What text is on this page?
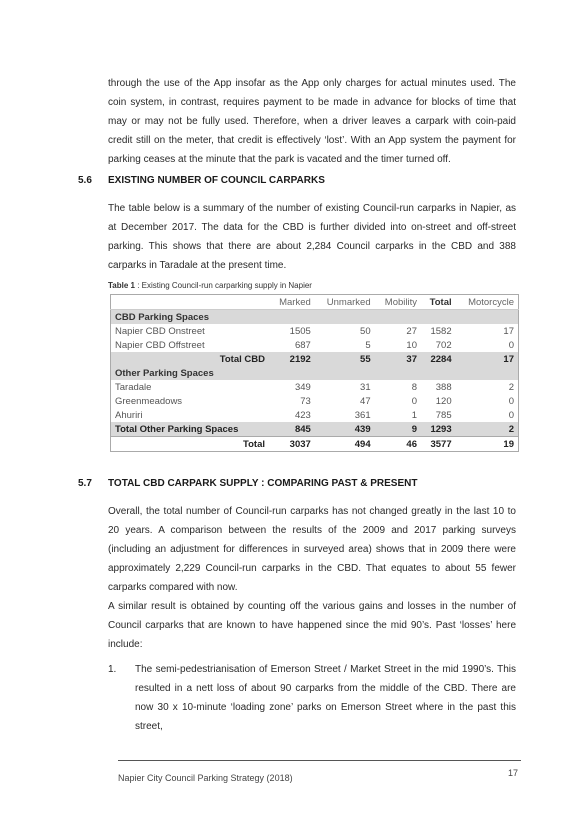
through the use of the App insofar as the App only charges for actual minutes used. The coin system, in contrast, requires payment to be made in advance for blocks of time that may or may not be fully used. Therefore, when a driver leaves a carpark with coin-paid credit still on the meter, that credit is effectively ‘lost’. With an App system the payment for parking ceases at the minute that the park is vacated and the timer turned off.

5.6 EXISTING NUMBER OF COUNCIL CARPARKS

The table below is a summary of the number of existing Council-run carparks in Napier, as at December 2017. The data for the CBD is further divided into on-street and off-street parking. This shows that there are about 2,284 Council carparks in the CBD and 388 carparks in Taradale at the present time.

Table 1 : Existing Council-run carparking supply in Napier
	Marked	Unmarked	Mobility	Total	Motorcycle
CBD Parking Spaces					
Napier CBD Onstreet	1505	50	27	1582	17
Napier CBD Offstreet	687	5	10	702	0
Total CBD	2192	55	37	2284	17
Other Parking Spaces					
Taradale	349	31	8	388	2
Greenmeadows	73	47	0	120	0
Ahuriri	423	361	1	785	0
Total Other Parking Spaces	845	439	9	1293	2
Total	3037	494	46	3577	19
5.7 TOTAL CBD CARPARK SUPPLY : COMPARING PAST & PRESENT

Overall, the total number of Council-run carparks has not changed greatly in the last 10 to 20 years. A comparison between the results of the 2009 and 2017 parking surveys (including an adjustment for differences in surveyed area) shows that in 2009 there were approximately 2,229 Council-run carparks in the CBD. That equates to about 55 fewer carparks compared with now.

A similar result is obtained by counting off the various gains and losses in the number of Council carparks that are known to have happened since the mid 90’s. Past ‘losses’ here include:

1. The semi-pedestrianisation of Emerson Street / Market Street in the mid 1990’s. This resulted in a nett loss of about 90 carparks from the middle of the CBD. There are now 30 x 10-minute ‘loading zone’ parks on Emerson Street where in the past this street,

Napier City Council Parking Strategy (2018)	17
